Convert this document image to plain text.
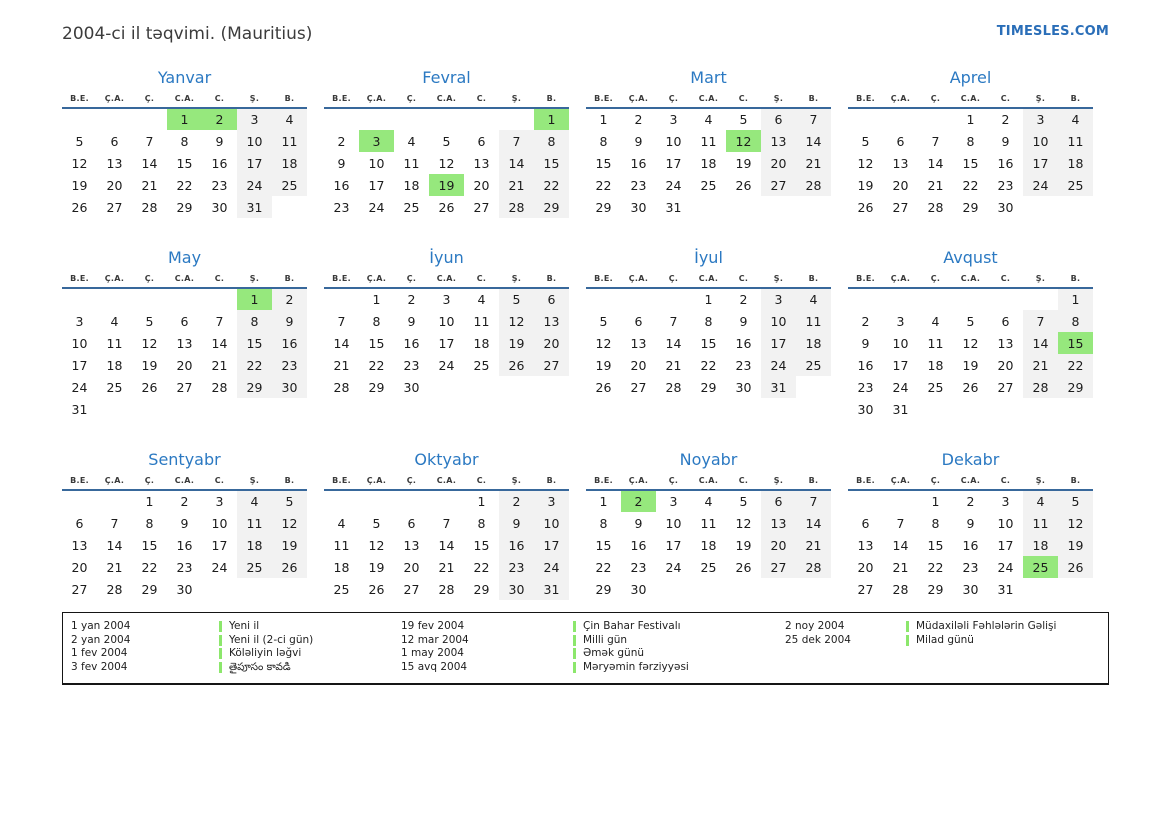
2004-ci il təqvimi. (Mauritius)	TIMESLES.COM
Yanvar
B.E.	Ç.A.	Ç.	C.A.	C.	Ş.	B.
			1	2	3	4
5	6	7	8	9	10	11
12	13	14	15	16	17	18
19	20	21	22	23	24	25
26	27	28	29	30	31	
Fevral
B.E.	Ç.A.	Ç.	C.A.	C.	Ş.	B.
						1
2	3	4	5	6	7	8
9	10	11	12	13	14	15
16	17	18	19	20	21	22
23	24	25	26	27	28	29
Mart
B.E.	Ç.A.	Ç.	C.A.	C.	Ş.	B.
1	2	3	4	5	6	7
8	9	10	11	12	13	14
15	16	17	18	19	20	21
22	23	24	25	26	27	28
29	30	31				
Aprel
B.E.	Ç.A.	Ç.	C.A.	C.	Ş.	B.
			1	2	3	4
5	6	7	8	9	10	11
12	13	14	15	16	17	18
19	20	21	22	23	24	25
26	27	28	29	30		
May
B.E.	Ç.A.	Ç.	C.A.	C.	Ş.	B.
					1	2
3	4	5	6	7	8	9
10	11	12	13	14	15	16
17	18	19	20	21	22	23
24	25	26	27	28	29	30
31						
İyun
B.E.	Ç.A.	Ç.	C.A.	C.	Ş.	B.
	1	2	3	4	5	6
7	8	9	10	11	12	13
14	15	16	17	18	19	20
21	22	23	24	25	26	27
28	29	30				
İyul
B.E.	Ç.A.	Ç.	C.A.	C.	Ş.	B.
			1	2	3	4
5	6	7	8	9	10	11
12	13	14	15	16	17	18
19	20	21	22	23	24	25
26	27	28	29	30	31	
Avqust
B.E.	Ç.A.	Ç.	C.A.	C.	Ş.	B.
						1
2	3	4	5	6	7	8
9	10	11	12	13	14	15
16	17	18	19	20	21	22
23	24	25	26	27	28	29
30	31					
Sentyabr
B.E.	Ç.A.	Ç.	C.A.	C.	Ş.	B.
		1	2	3	4	5
6	7	8	9	10	11	12
13	14	15	16	17	18	19
20	21	22	23	24	25	26
27	28	29	30			
Oktyabr
B.E.	Ç.A.	Ç.	C.A.	C.	Ş.	B.
				1	2	3
4	5	6	7	8	9	10
11	12	13	14	15	16	17
18	19	20	21	22	23	24
25	26	27	28	29	30	31
Noyabr
B.E.	Ç.A.	Ç.	C.A.	C.	Ş.	B.
1	2	3	4	5	6	7
8	9	10	11	12	13	14
15	16	17	18	19	20	21
22	23	24	25	26	27	28
29	30					
Dekabr
B.E.	Ç.A.	Ç.	C.A.	C.	Ş.	B.
		1	2	3	4	5
6	7	8	9	10	11	12
13	14	15	16	17	18	19
20	21	22	23	24	25	26
27	28	29	30	31		
1 yan 2004	Yeni il
2 yan 2004	Yeni il (2-ci gün)
1 fev 2004	Köləliyin ləğvi
3 fev 2004	తైపూసం కావడి
19 fev 2004	Çin Bahar Festivalı
12 mar 2004	Milli gün
1 may 2004	Əmək günü
15 avq 2004	Məryəmin fərziyyəsi
2 noy 2004	Müdaxiləli Fəhlələrin Gəlişi
25 dek 2004	Milad günü
